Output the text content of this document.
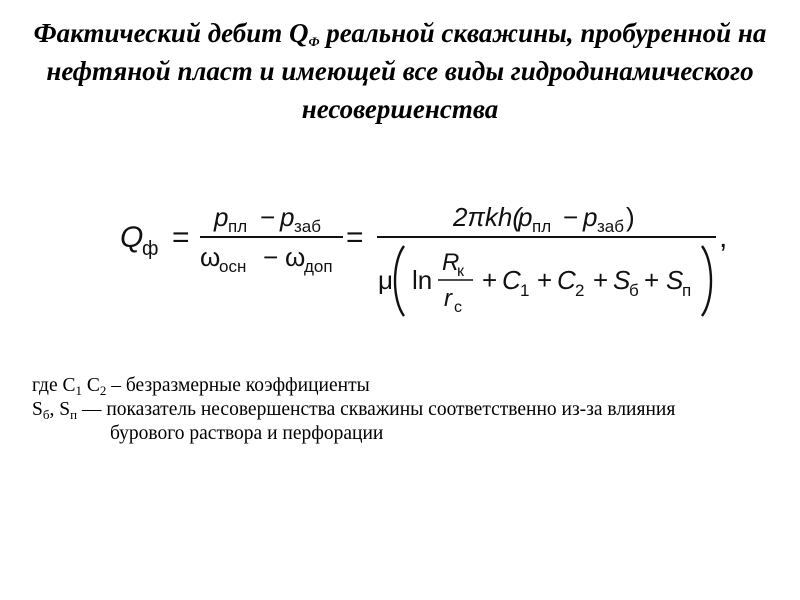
Фактический дебит $Q_Ф$ реальной скважины, пробуренной на нефтяной пласт и имеющей все виды гидродинамического несовершенства
Q
ф =
p пл − p заб
ω
осн − ω
доп
=
2πkh(
p пл − p заб )
μ ln
R
к
r с
+ C 1 + C 2 + S
б + S
п
,
где $C_1$ $C_2$ – безразмерные коэффициенты
$S_б$, $S_п$ — показатель несовершенства скважины соответственно из-за влияния
бурового раствора и перфорации
